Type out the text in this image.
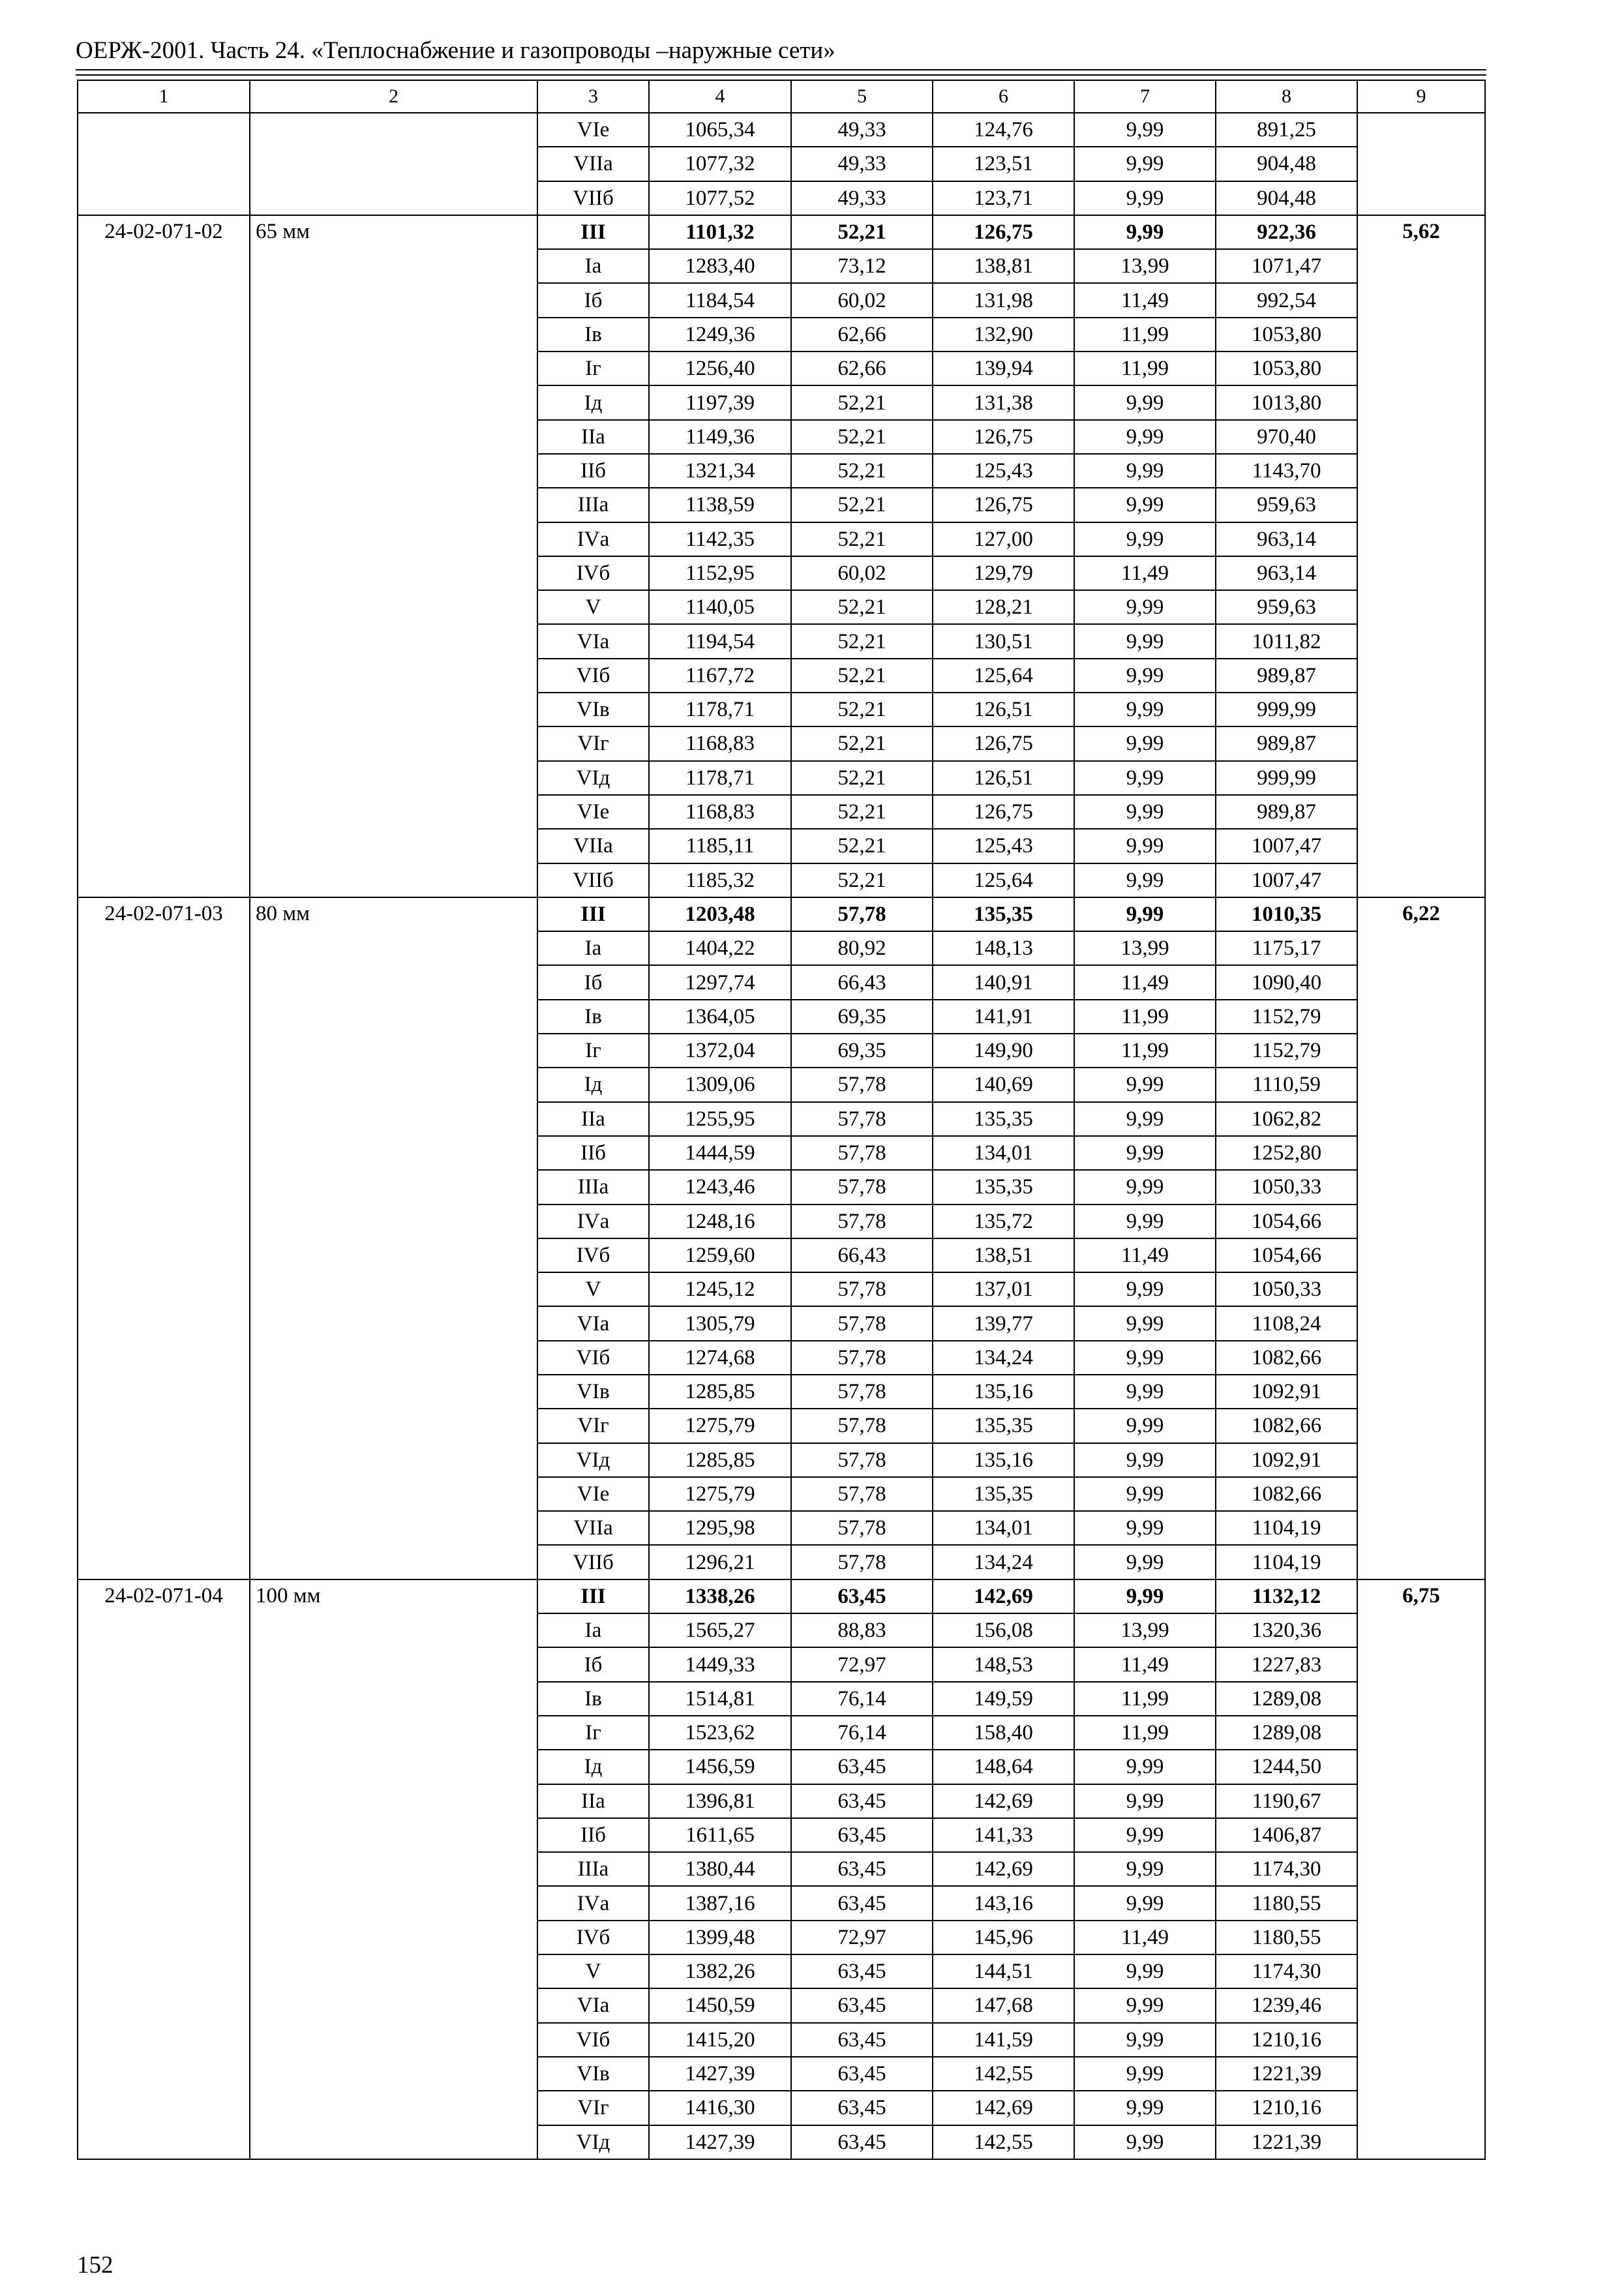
ОЕРЖ-2001. Часть 24. «Теплоснабжение и газопроводы –наружные сети»
1	2	3	4	5	6	7	8	9
		VIе	1065,34	49,33	124,76	9,99	891,25	
		VIIа	1077,32	49,33	123,51	9,99	904,48	
		VIIб	1077,52	49,33	123,71	9,99	904,48	
24-02-071-02	65 мм	III	1101,32	52,21	126,75	9,99	922,36	5,62
		Iа	1283,40	73,12	138,81	13,99	1071,47	
		Iб	1184,54	60,02	131,98	11,49	992,54	
		Iв	1249,36	62,66	132,90	11,99	1053,80	
		Iг	1256,40	62,66	139,94	11,99	1053,80	
		Iд	1197,39	52,21	131,38	9,99	1013,80	
		IIа	1149,36	52,21	126,75	9,99	970,40	
		IIб	1321,34	52,21	125,43	9,99	1143,70	
		IIIа	1138,59	52,21	126,75	9,99	959,63	
		IVа	1142,35	52,21	127,00	9,99	963,14	
		IVб	1152,95	60,02	129,79	11,49	963,14	
		V	1140,05	52,21	128,21	9,99	959,63	
		VIа	1194,54	52,21	130,51	9,99	1011,82	
		VIб	1167,72	52,21	125,64	9,99	989,87	
		VIв	1178,71	52,21	126,51	9,99	999,99	
		VIг	1168,83	52,21	126,75	9,99	989,87	
		VIд	1178,71	52,21	126,51	9,99	999,99	
		VIе	1168,83	52,21	126,75	9,99	989,87	
		VIIа	1185,11	52,21	125,43	9,99	1007,47	
		VIIб	1185,32	52,21	125,64	9,99	1007,47	
24-02-071-03	80 мм	III	1203,48	57,78	135,35	9,99	1010,35	6,22
		Iа	1404,22	80,92	148,13	13,99	1175,17	
		Iб	1297,74	66,43	140,91	11,49	1090,40	
		Iв	1364,05	69,35	141,91	11,99	1152,79	
		Iг	1372,04	69,35	149,90	11,99	1152,79	
		Iд	1309,06	57,78	140,69	9,99	1110,59	
		IIа	1255,95	57,78	135,35	9,99	1062,82	
		IIб	1444,59	57,78	134,01	9,99	1252,80	
		IIIа	1243,46	57,78	135,35	9,99	1050,33	
		IVа	1248,16	57,78	135,72	9,99	1054,66	
		IVб	1259,60	66,43	138,51	11,49	1054,66	
		V	1245,12	57,78	137,01	9,99	1050,33	
		VIа	1305,79	57,78	139,77	9,99	1108,24	
		VIб	1274,68	57,78	134,24	9,99	1082,66	
		VIв	1285,85	57,78	135,16	9,99	1092,91	
		VIг	1275,79	57,78	135,35	9,99	1082,66	
		VIд	1285,85	57,78	135,16	9,99	1092,91	
		VIе	1275,79	57,78	135,35	9,99	1082,66	
		VIIа	1295,98	57,78	134,01	9,99	1104,19	
		VIIб	1296,21	57,78	134,24	9,99	1104,19	
24-02-071-04	100 мм	III	1338,26	63,45	142,69	9,99	1132,12	6,75
		Iа	1565,27	88,83	156,08	13,99	1320,36	
		Iб	1449,33	72,97	148,53	11,49	1227,83	
		Iв	1514,81	76,14	149,59	11,99	1289,08	
		Iг	1523,62	76,14	158,40	11,99	1289,08	
		Iд	1456,59	63,45	148,64	9,99	1244,50	
		IIа	1396,81	63,45	142,69	9,99	1190,67	
		IIб	1611,65	63,45	141,33	9,99	1406,87	
		IIIа	1380,44	63,45	142,69	9,99	1174,30	
		IVа	1387,16	63,45	143,16	9,99	1180,55	
		IVб	1399,48	72,97	145,96	11,49	1180,55	
		V	1382,26	63,45	144,51	9,99	1174,30	
		VIа	1450,59	63,45	147,68	9,99	1239,46	
		VIб	1415,20	63,45	141,59	9,99	1210,16	
		VIв	1427,39	63,45	142,55	9,99	1221,39	
		VIг	1416,30	63,45	142,69	9,99	1210,16	
		VIд	1427,39	63,45	142,55	9,99	1221,39	
152
